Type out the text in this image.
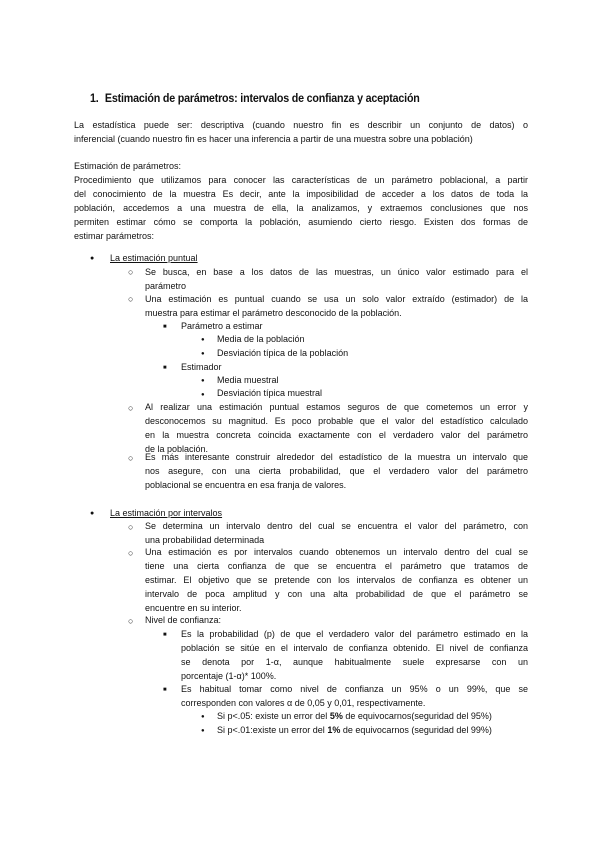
1. Estimación de parámetros: intervalos de confianza y aceptación
La estadística puede ser: descriptiva (cuando nuestro fin es describir un conjunto de datos) o
inferencial (cuando nuestro fin es hacer una inferencia a partir de una muestra sobre una población)
Estimación de parámetros:
Procedimiento que utilizamos para conocer las características de un parámetro poblacional, a partir
del conocimiento de la muestra Es decir, ante la imposibilidad de acceder a los datos de toda la
población, accedemos a una muestra de ella, la analizamos, y extraemos conclusiones que nos
permiten estimar cómo se comporta la población, asumiendo cierto riesgo. Existen dos formas de
estimar parámetros:
● La estimación puntual
○ Se busca, en base a los datos de las muestras, un único valor estimado para el
parámetro
○ Una estimación es puntual cuando se usa un solo valor extraído (estimador) de la
muestra para estimar el parámetro desconocido de la población.
■ Parámetro a estimar
● Media de la población
● Desviación típica de la población
■ Estimador
● Media muestral
● Desviación típica muestral
○ Al realizar una estimación puntual estamos seguros de que cometemos un error y
desconocemos su magnitud. Es poco probable que el valor del estadístico calculado
en la muestra concreta coincida exactamente con el verdadero valor del parámetro
de la población.
○ Es más interesante construir alrededor del estadístico de la muestra un intervalo que
nos asegure, con una cierta probabilidad, que el verdadero valor del parámetro
poblacional se encuentra en esa franja de valores.
● La estimación por intervalos
○ Se determina un intervalo dentro del cual se encuentra el valor del parámetro, con
una probabilidad determinada
○ Una estimación es por intervalos cuando obtenemos un intervalo dentro del cual se
tiene una cierta confianza de que se encuentra el parámetro que tratamos de
estimar. El objetivo que se pretende con los intervalos de confianza es obtener un
intervalo de poca amplitud y con una alta probabilidad de que el parámetro se
encuentre en su interior.
○ Nivel de confianza:
■ Es la probabilidad (p) de que el verdadero valor del parámetro estimado en la
población se sitúe en el intervalo de confianza obtenido. El nivel de confianza
se denota por 1-α, aunque habitualmente suele expresarse con un
porcentaje (1-α)* 100%.
■ Es habitual tomar como nivel de confianza un 95% o un 99%, que se
corresponden con valores α de 0,05 y 0,01, respectivamente.
● Si p<.05: existe un error del 5% de equivocarnos(seguridad del 95%)
● Si p<.01:existe un error del 1% de equivocarnos (seguridad del 99%)
